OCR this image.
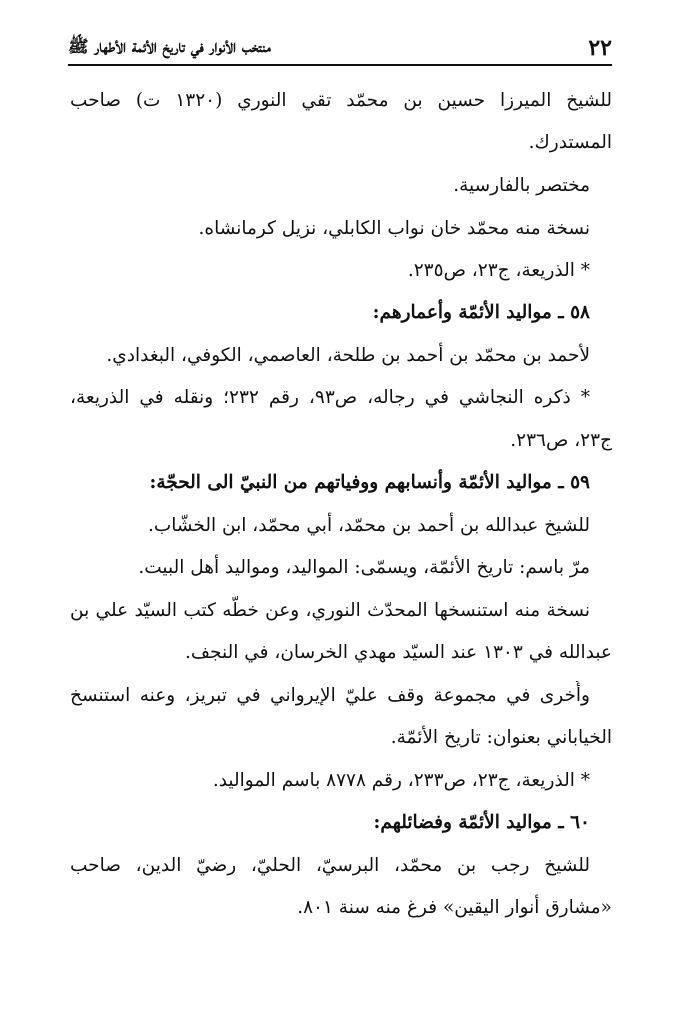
٢٢
منتخب الأنوار في تاريخ الأئمة الأطهار ﷺ
للشيخ الميرزا حسين بن محمّد تقي النوري (١٣٢٠ ت) صاحب
المستدرك.
مختصر بالفارسية.
نسخة منه محمّد خان نواب الكابلي، نزيل كرمانشاه.
* الذريعة، ج٢٣، ص٢٣٥.
٥٨ ـ مواليد الأئمّة وأعمارهم:
لأحمد بن محمّد بن أحمد بن طلحة، العاصمي، الكوفي، البغدادي.
* ذكره النجاشي في رجاله، ص٩٣، رقم ٢٣٢؛ ونقله في الذريعة،
ج٢٣، ص٢٣٦.
٥٩ ـ مواليد الأئمّة وأنسابهم ووفياتهم من النبيّ الى الحجّة:
للشيخ عبدالله بن أحمد بن محمّد، أبي محمّد، ابن الخشّاب.
مرّ باسم: تاريخ الأئمّة، ويسمّى: المواليد، ومواليد أهل البيت.
نسخة منه استنسخها المحدّث النوري، وعن خطّه كتب السيّد علي بن
عبدالله في ١٣٠٣ عند السيّد مهدي الخرسان، في النجف.
وأُخرى في مجموعة وقف عليّ الإيرواني في تبريز، وعنه استنسخ
الخياباني بعنوان: تاريخ الأئمّة.
* الذريعة، ج٢٣، ص٢٣٣، رقم ٨٧٧٨ باسم المواليد.
٦٠ ـ مواليد الأئمّة وفضائلهم:
للشيخ رجب بن محمّد، البرسيّ، الحليّ، رضيّ الدين، صاحب
«مشارق أنوار اليقين» فرغ منه سنة ٨٠١.
